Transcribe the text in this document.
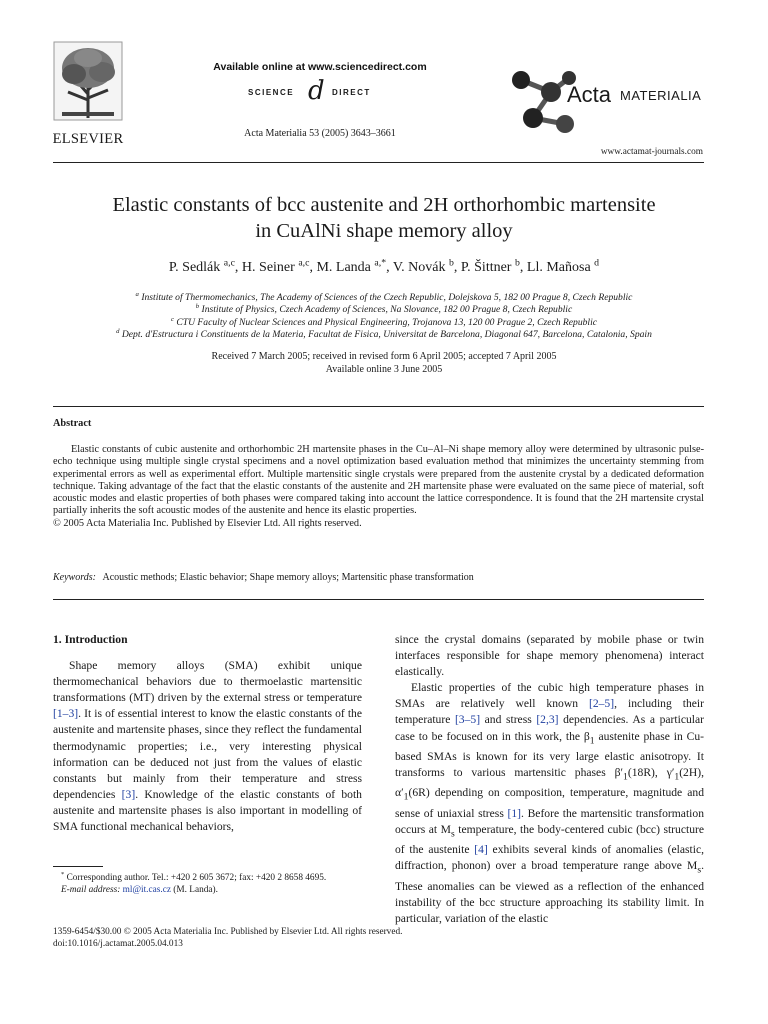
ELSEVIER
Available online at www.sciencedirect.com
SCIENCE d DIRECT
Acta Materialia 53 (2005) 3643–3661
Acta MATERIALIA
www.actamat-journals.com
Elastic constants of bcc austenite and 2H orthorhombic martensite
in CuAlNi shape memory alloy
P. Sedlák $^{a,c}$, H. Seiner $^{a,c}$, M. Landa $^{a,*}$, V. Novák $^b$, P. Šittner $^b$, Ll. Mañosa $^d$
$^a$ Institute of Thermomechanics, The Academy of Sciences of the Czech Republic, Dolejskova 5, 182 00 Prague 8, Czech Republic
$^b$ Institute of Physics, Czech Academy of Sciences, Na Slovance, 182 00 Prague 8, Czech Republic
$^c$ CTU Faculty of Nuclear Sciences and Physical Engineering, Trojanova 13, 120 00 Prague 2, Czech Republic
$^d$ Dept. d'Estructura i Constituents de la Materia, Facultat de Fisica, Universitat de Barcelona, Diagonal 647, Barcelona, Catalonia, Spain
Received 7 March 2005; received in revised form 6 April 2005; accepted 7 April 2005
Available online 3 June 2005
Abstract
Elastic constants of cubic austenite and orthorhombic 2H martensite phases in the Cu–Al–Ni shape memory alloy were determined by ultrasonic pulse-echo technique using multiple single crystal specimens and a novel optimization based evaluation method that minimizes the uncertainty stemming from experimental errors as well as experimental effort. Multiple martensitic single crystals were prepared from the austenite crystal by a dedicated deformation technique. Taking advantage of the fact that the elastic constants of the austenite and 2H martensite phase were evaluated on the same piece of material, soft acoustic modes and elastic properties of both phases were compared taking into account the lattice correspondence. It is found that the 2H martensite crystal partially inherits the soft acoustic modes of the austenite and hence its elastic properties.
© 2005 Acta Materialia Inc. Published by Elsevier Ltd. All rights reserved.
Keywords: Acoustic methods; Elastic behavior; Shape memory alloys; Martensitic phase transformation
1. Introduction

Shape memory alloys (SMA) exhibit unique thermomechanical behaviors due to thermoelastic martensitic transformations (MT) driven by the external stress or temperature [1–3]. It is of essential interest to know the elastic constants of the austenite and martensite phases, since they reflect the fundamental thermodynamic properties; i.e., very interesting physical information can be deduced not just from the values of elastic constants but mainly from their temperature and stress dependencies [3]. Knowledge of the elastic constants of both austenite and martensite phases is also important in modelling of SMA functional mechanical behaviors,

* Corresponding author. Tel.: +420 2 605 3672; fax: +420 2 8658 4695.
E-mail address: ml@it.cas.cz (M. Landa).

since the crystal domains (separated by mobile phase or twin interfaces responsible for shape memory phenomena) interact elastically.

Elastic properties of the cubic high temperature phases in SMAs are relatively well known [2–5], including their temperature [3–5] and stress [2,3] dependencies. As a particular case to be focused on in this work, the $\beta_1$ austenite phase in Cu-based SMAs is known for its very large elastic anisotropy. It transforms to various martensitic phases $\beta'_1(18R)$, $\gamma'_1(2H)$, $\alpha'_1(6R)$ depending on composition, temperature, magnitude and sense of uniaxial stress [1]. Before the martensitic transformation occurs at $M_s$ temperature, the body-centered cubic (bcc) structure of the austenite [4] exhibits several kinds of anomalies (elastic, diffraction, phonon) over a broad temperature range above $M_s$. These anomalies can be viewed as a reflection of the enhanced instability of the bcc structure approaching its stability limit. In particular, variation of the elastic

1359-6454/$30.00 © 2005 Acta Materialia Inc. Published by Elsevier Ltd. All rights reserved.
doi:10.1016/j.actamat.2005.04.013
